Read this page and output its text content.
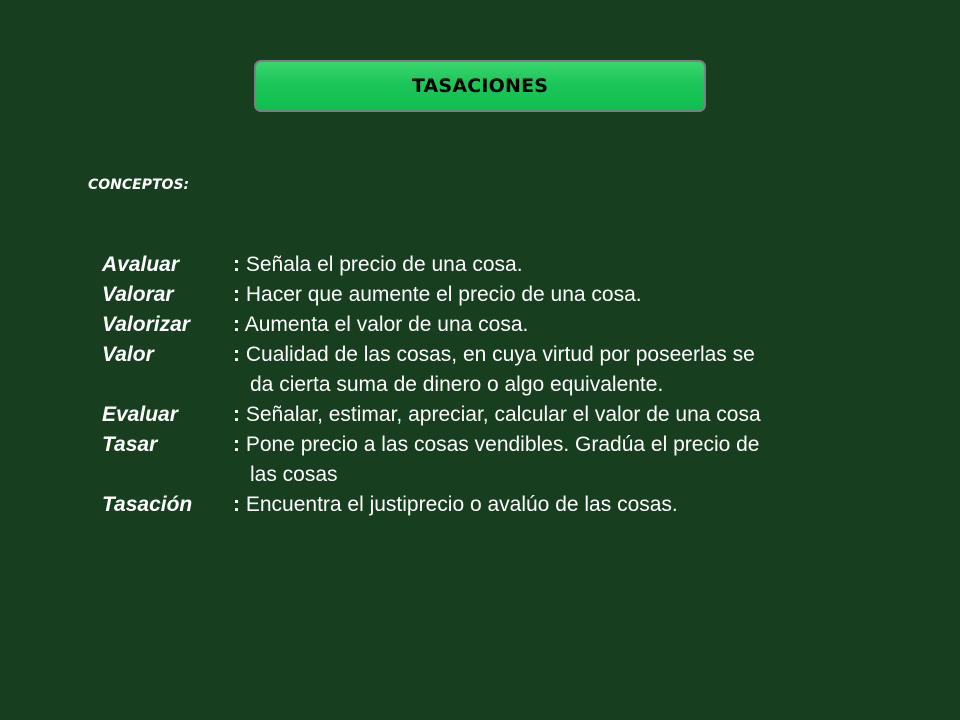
TASACIONES
CONCEPTOS:
Avaluar	: Señala el precio de una cosa.
Valorar	: Hacer que aumente el precio de una cosa.
Valorizar : Aumenta el valor de una cosa.
Valor	: Cualidad de las cosas, en cuya virtud por poseerlas se
da cierta suma de dinero o algo equivalente.
Evaluar	: Señalar, estimar, apreciar, calcular el valor de una cosa
Tasar	: Pone precio a las cosas vendibles. Gradúa el precio de
las cosas
Tasación : Encuentra el justiprecio o avalúo de las cosas.
